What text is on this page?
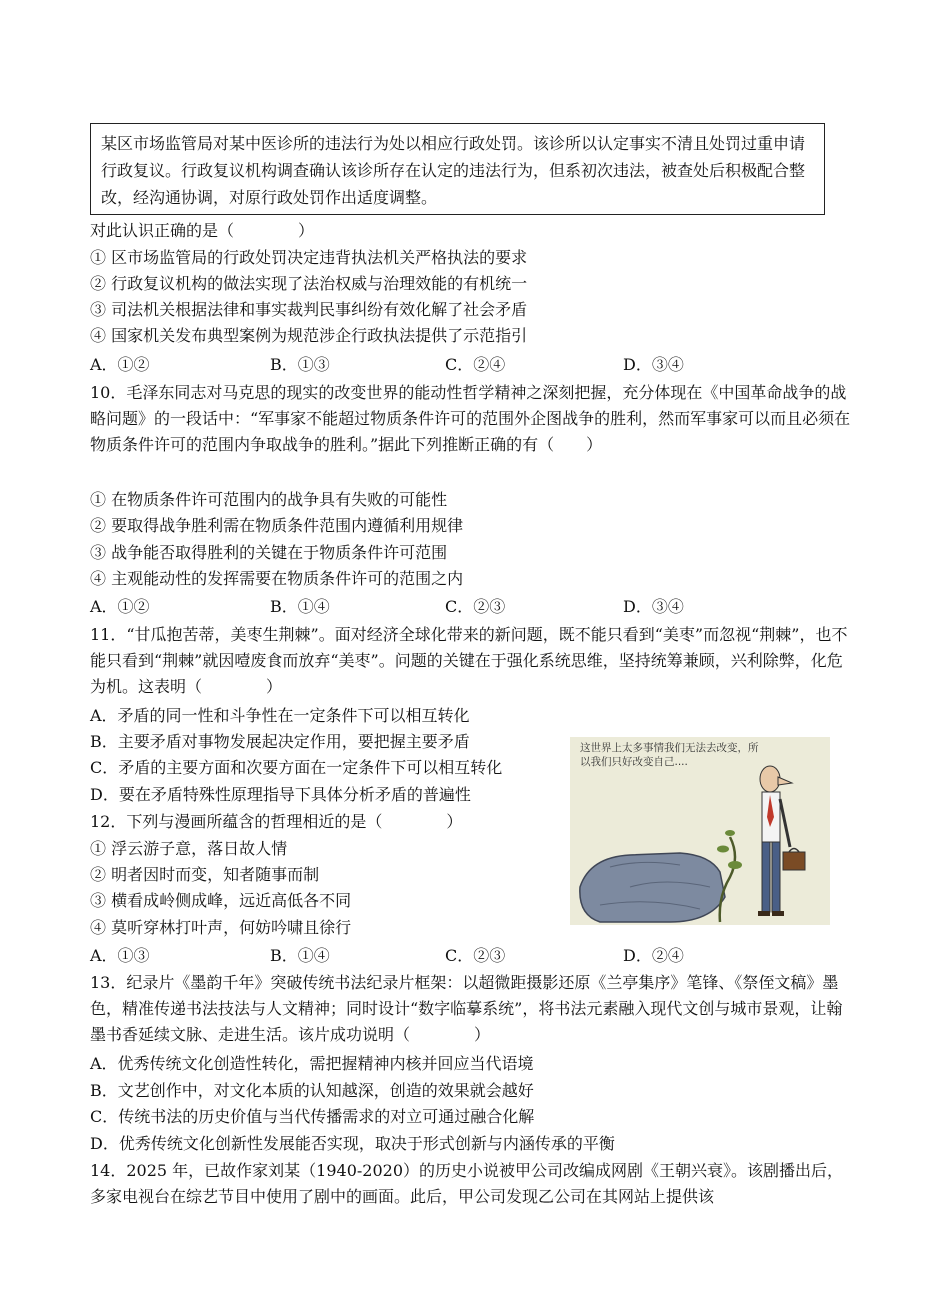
某区市场监管局对某中医诊所的违法行为处以相应行政处罚。该诊所以认定事实不清且处罚过重申请行政复议。行政复议机构调查确认该诊所存在认定的违法行为，但系初次违法，被查处后积极配合整改，经沟通协调，对原行政处罚作出适度调整。
对此认识正确的是（　　　　）
① 区市场监管局的行政处罚决定违背执法机关严格执法的要求
② 行政复议机构的做法实现了法治权威与治理效能的有机统一
③ 司法机关根据法律和事实裁判民事纠纷有效化解了社会矛盾
④ 国家机关发布典型案例为规范涉企行政执法提供了示范指引
A．①②	B．①③	C．②④	D．③④
10．毛泽东同志对马克思的现实的改变世界的能动性哲学精神之深刻把握，充分体现在《中国革命战争的战略问题》的一段话中：“军事家不能超过物质条件许可的范围外企图战争的胜利，然而军事家可以而且必须在物质条件许可的范围内争取战争的胜利。”据此下列推断正确的有（　　）
① 在物质条件许可范围内的战争具有失败的可能性
② 要取得战争胜利需在物质条件范围内遵循利用规律
③ 战争能否取得胜利的关键在于物质条件许可范围
④ 主观能动性的发挥需要在物质条件许可的范围之内
A．①②	B．①④	C．②③	D．③④
11．“甘瓜抱苦蒂，美枣生荆棘”。面对经济全球化带来的新问题，既不能只看到“美枣”而忽视“荆棘”，也不能只看到“荆棘”就因噎废食而放弃“美枣”。问题的关键在于强化系统思维，坚持统筹兼顾，兴利除弊，化危为机。这表明（　　　　）
A．矛盾的同一性和斗争性在一定条件下可以相互转化
B．主要矛盾对事物发展起决定作用，要把握主要矛盾
C．矛盾的主要方面和次要方面在一定条件下可以相互转化
D．要在矛盾特殊性原理指导下具体分析矛盾的普遍性
12．下列与漫画所蕴含的哲理相近的是（　　　　）
① 浮云游子意，落日故人情
② 明者因时而变，知者随事而制
③ 横看成岭侧成峰，远近高低各不同
④ 莫听穿林打叶声，何妨吟啸且徐行
A．①③	B．①④	C．②③	D．②④
这世界上太多事情我们无法去改变，所
以我们只好改变自己....
13．纪录片《墨韵千年》突破传统书法纪录片框架：以超微距摄影还原《兰亭集序》笔锋、《祭侄文稿》墨色，精准传递书法技法与人文精神；同时设计“数字临摹系统”，将书法元素融入现代文创与城市景观，让翰墨书香延续文脉、走进生活。该片成功说明（　　　　）
A．优秀传统文化创造性转化，需把握精神内核并回应当代语境
B．文艺创作中，对文化本质的认知越深，创造的效果就会越好
C．传统书法的历史价值与当代传播需求的对立可通过融合化解
D．优秀传统文化创新性发展能否实现，取决于形式创新与内涵传承的平衡
14．2025 年，已故作家刘某（1940-2020）的历史小说被甲公司改编成网剧《王朝兴衰》。该剧播出后，多家电视台在综艺节目中使用了剧中的画面。此后，甲公司发现乙公司在其网站上提供该
